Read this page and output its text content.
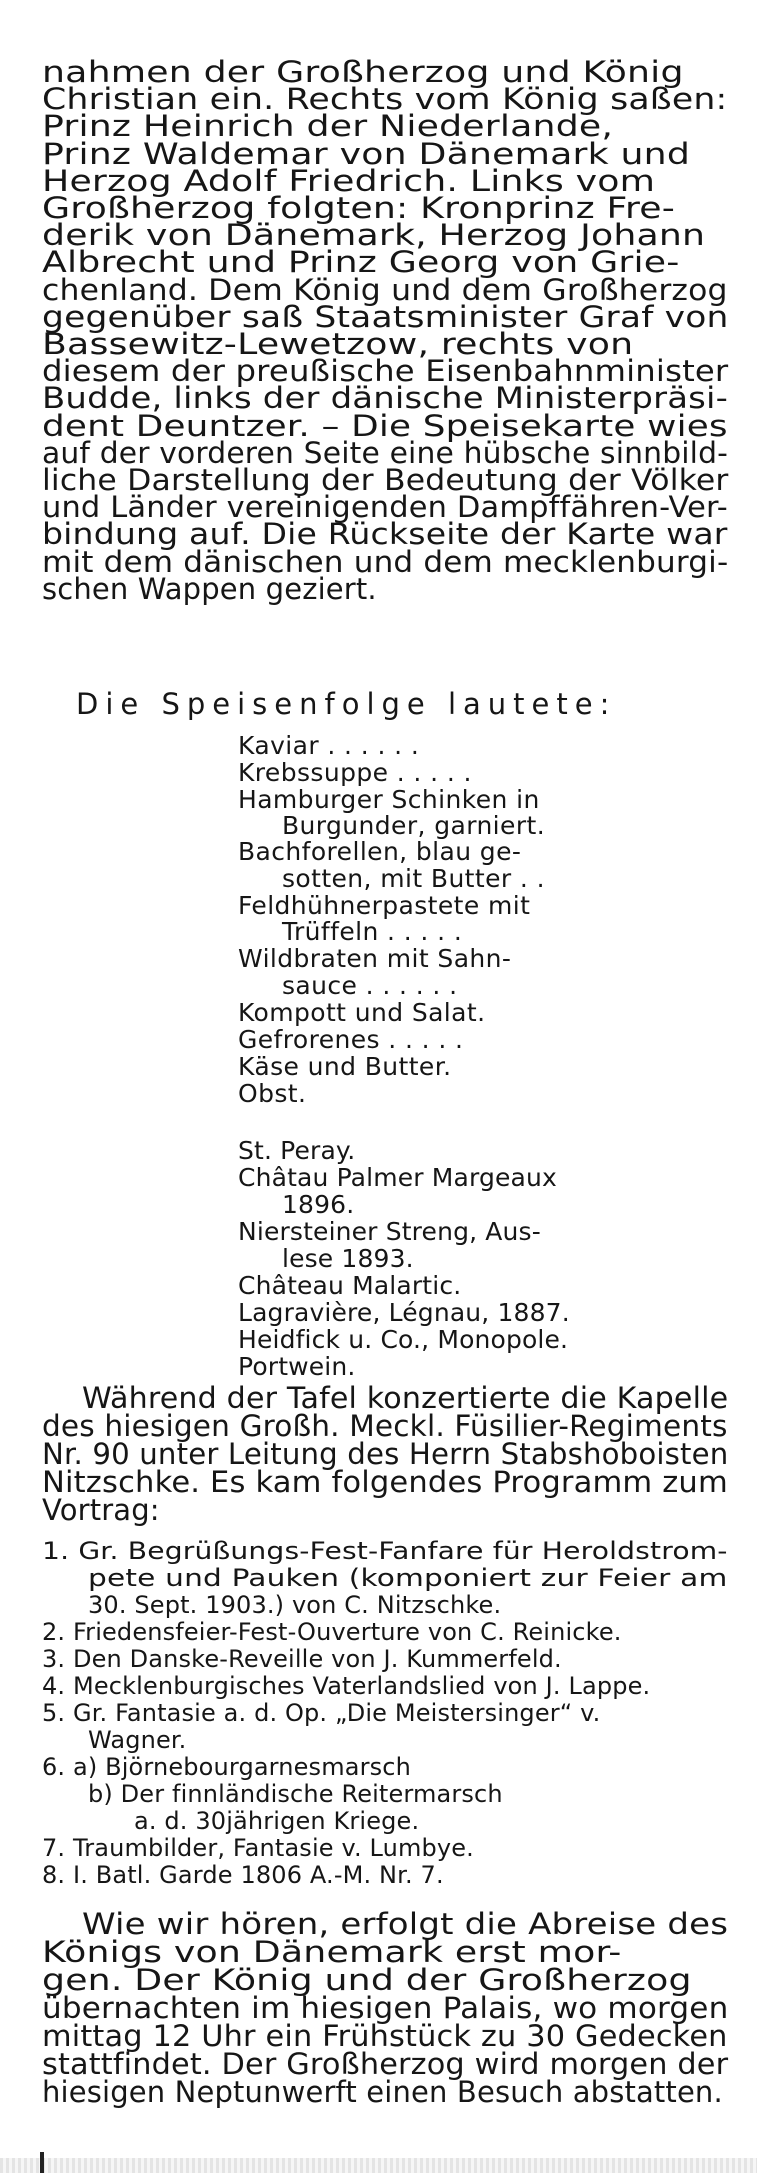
nahmen der Großherzog und König
Christian ein. Rechts vom König saßen:
Prinz Heinrich der Niederlande,
Prinz Waldemar von Dänemark und
Herzog Adolf Friedrich. Links vom
Großherzog folgten: Kronprinz Fre-
derik von Dänemark, Herzog Johann
Albrecht und Prinz Georg von Grie-
chenland. Dem König und dem Großherzog
gegenüber saß Staatsminister Graf von
Bassewitz-Lewetzow, rechts von
diesem der preußische Eisenbahnminister
Budde, links der dänische Ministerpräsi-
dent Deuntzer. – Die Speisekarte wies
auf der vorderen Seite eine hübsche sinnbild-
liche Darstellung der Bedeutung der Völker
und Länder vereinigenden Dampffähren-Ver-
bindung auf. Die Rückseite der Karte war
mit dem dänischen und dem mecklenburgi-
schen Wappen geziert.
Die Speisenfolge lautete:
Kaviar . . . . . .
Krebssuppe . . . . .
Hamburger Schinken in
Burgunder, garniert.
Bachforellen, blau ge-
sotten, mit Butter . .
Feldhühnerpastete mit
Trüffeln . . . . .
Wildbraten mit Sahn-
sauce . . . . . .
Kompott und Salat.
Gefrorenes . . . . .
Käse und Butter.
Obst.
St. Peray.
Châtau Palmer Margeaux
1896.
Niersteiner Streng, Aus-
lese 1893.
Château Malartic.
Lagravière, Légnau, 1887.
Heidfick u. Co., Monopole.
Portwein.
Während der Tafel konzertierte die Kapelle
des hiesigen Großh. Meckl. Füsilier-Regiments
Nr. 90 unter Leitung des Herrn Stabshoboisten
Nitzschke. Es kam folgendes Programm zum
Vortrag:
1. Gr. Begrüßungs-Fest-Fanfare für Heroldstrom-
pete und Pauken (komponiert zur Feier am
30. Sept. 1903.) von C. Nitzschke.
2. Friedensfeier-Fest-Ouverture von C. Reinicke.
3. Den Danske-Reveille von J. Kummerfeld.
4. Mecklenburgisches Vaterlandslied von J. Lappe.
5. Gr. Fantasie a. d. Op. „Die Meistersinger“ v.
Wagner.
6. a) Björnebourgarnesmarsch
b) Der finnländische Reitermarsch
a. d. 30jährigen Kriege.
7. Traumbilder, Fantasie v. Lumbye.
8. I. Batl. Garde 1806 A.-M. Nr. 7.
Wie wir hören, erfolgt die Abreise des
Königs von Dänemark erst mor-
gen. Der König und der Großherzog
übernachten im hiesigen Palais, wo morgen
mittag 12 Uhr ein Frühstück zu 30 Gedecken
stattfindet. Der Großherzog wird morgen der
hiesigen Neptunwerft einen Besuch abstatten.
